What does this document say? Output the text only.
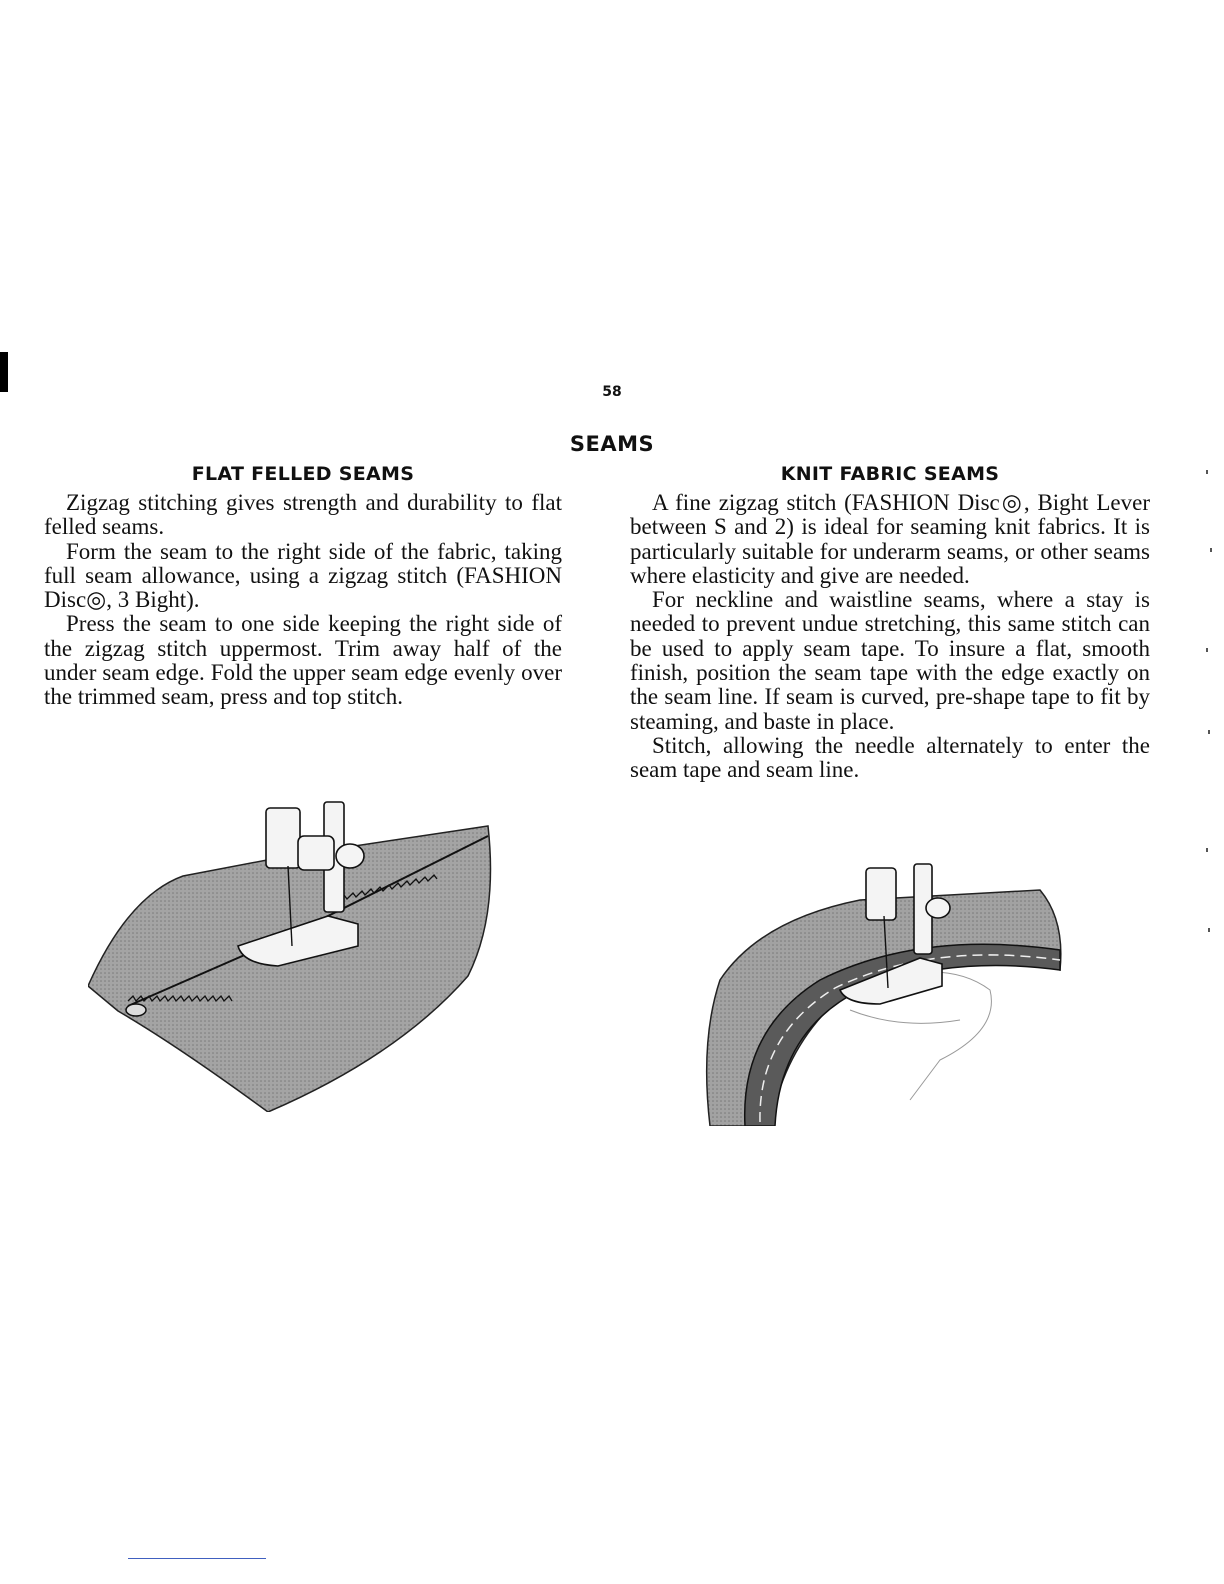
58
SEAMS
FLAT FELLED SEAMS

Zigzag stitching gives strength and durability to flat felled seams.

Form the seam to the right side of the fabric, taking full seam allowance, using a zigzag stitch (FASHION Disc◎, 3 Bight).

Press the seam to one side keeping the right side of the zigzag stitch uppermost. Trim away half of the under seam edge. Fold the upper seam edge evenly over the trimmed seam, press and top stitch.

KNIT FABRIC SEAMS

A fine zigzag stitch (FASHION Disc◎, Bight Lever between S and 2) is ideal for seaming knit fabrics. It is particularly suitable for underarm seams, or other seams where elasticity and give are needed.

For neckline and waistline seams, where a stay is needed to prevent undue stretching, this same stitch can be used to apply seam tape. To insure a flat, smooth finish, position the seam tape with the edge exactly on the seam line. If seam is curved, pre-shape tape to fit by steaming, and baste in place.

Stitch, allowing the needle alternately to enter the seam tape and seam line.
